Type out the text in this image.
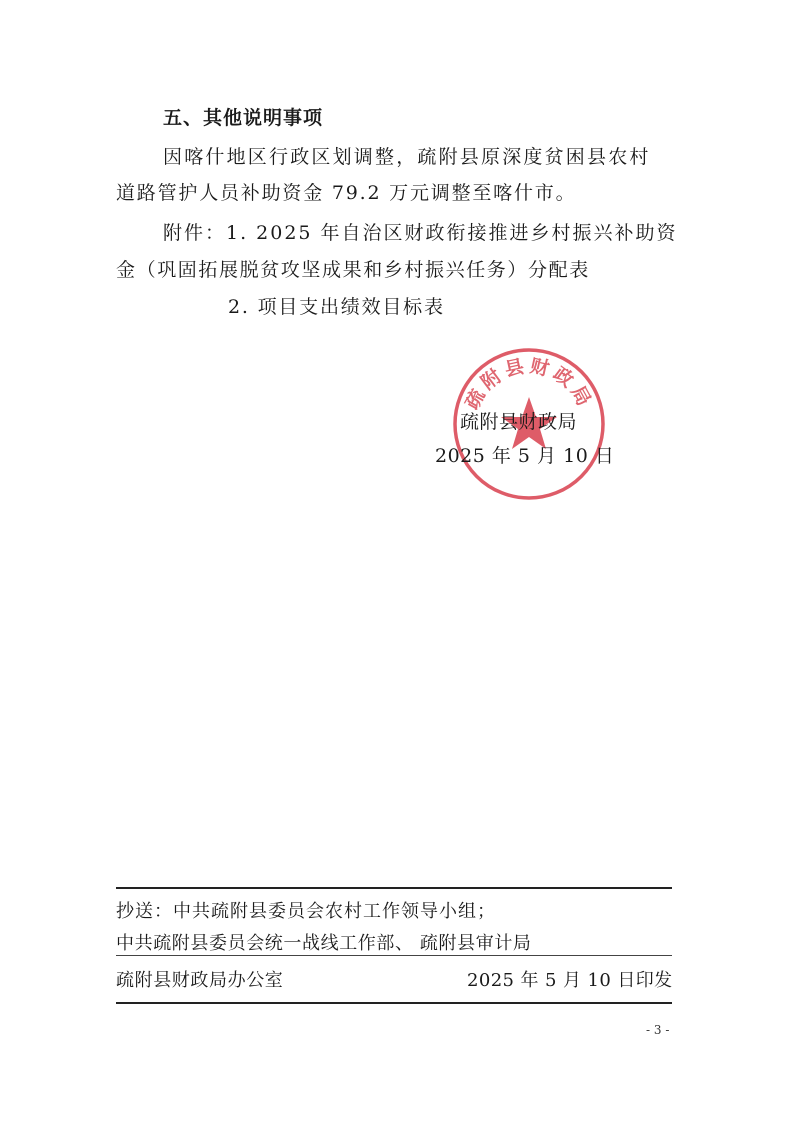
五、其他说明事项
因喀什地区行政区划调整，疏附县原深度贫困县农村
道路管护人员补助资金 79.2 万元调整至喀什市。
附件：1. 2025 年自治区财政衔接推进乡村振兴补助资
金（巩固拓展脱贫攻坚成果和乡村振兴任务）分配表
2. 项目支出绩效目标表
疏附县财政局
疏附县财政局
2025 年 5 月 10 日
抄送：中共疏附县委员会农村工作领导小组；
中共疏附县委员会统一战线工作部、 疏附县审计局
疏附县财政局办公室	2025 年 5 月 10 日印发
- 3 -
